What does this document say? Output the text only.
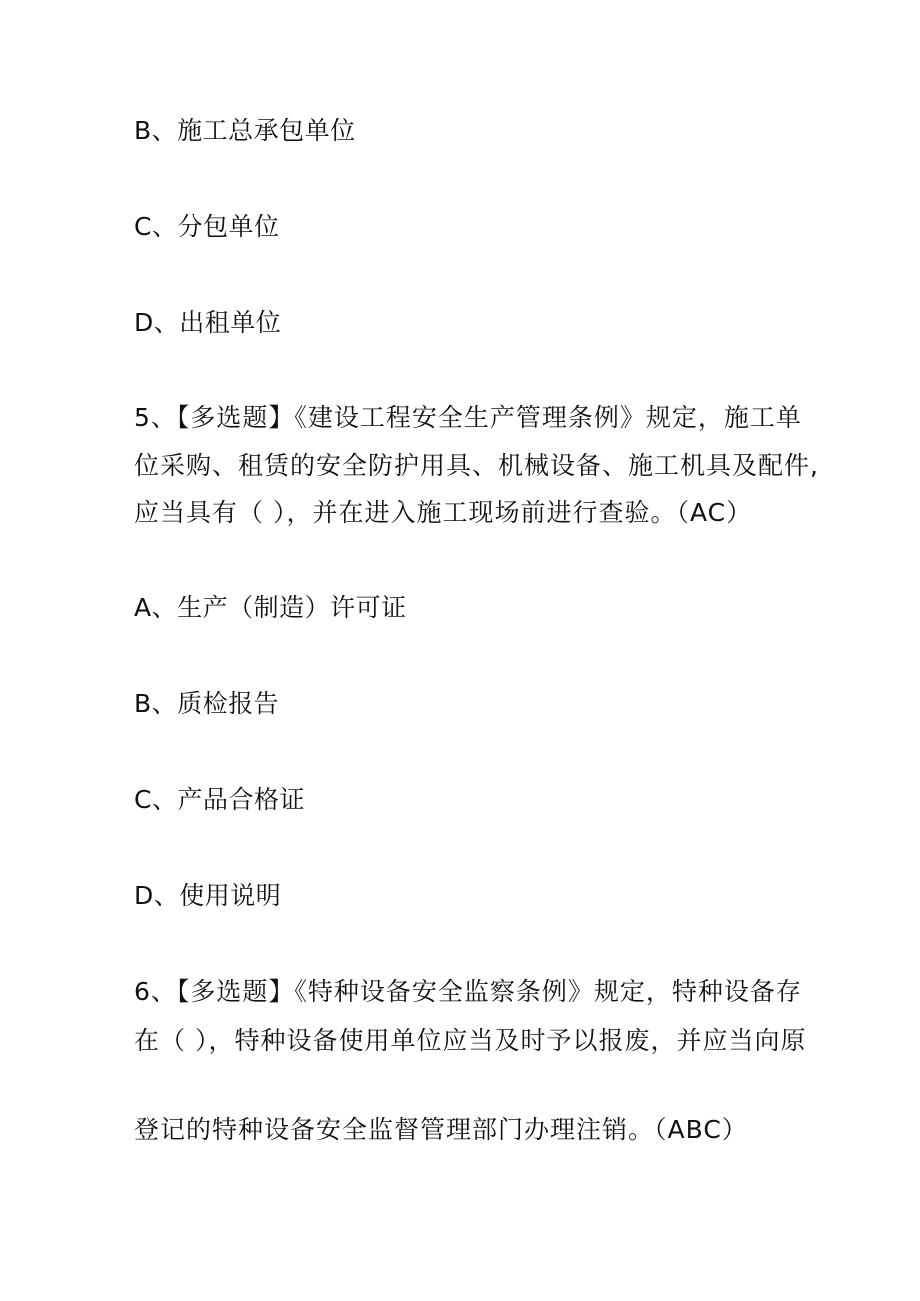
B、施工总承包单位
C、分包单位
D、出租单位
5、【多选题】《建设工程安全生产管理条例》规定，施工单
位采购、租赁的安全防护用具、机械设备、施工机具及配件,
应当具有（ ），并在进入施工现场前进行查验。（AC）
A、生产（制造）许可证
B、质检报告
C、产品合格证
D、使用说明
6、【多选题】《特种设备安全监察条例》规定，特种设备存
在（ ），特种设备使用单位应当及时予以报废，并应当向原
登记的特种设备安全监督管理部门办理注销。（ABC）
